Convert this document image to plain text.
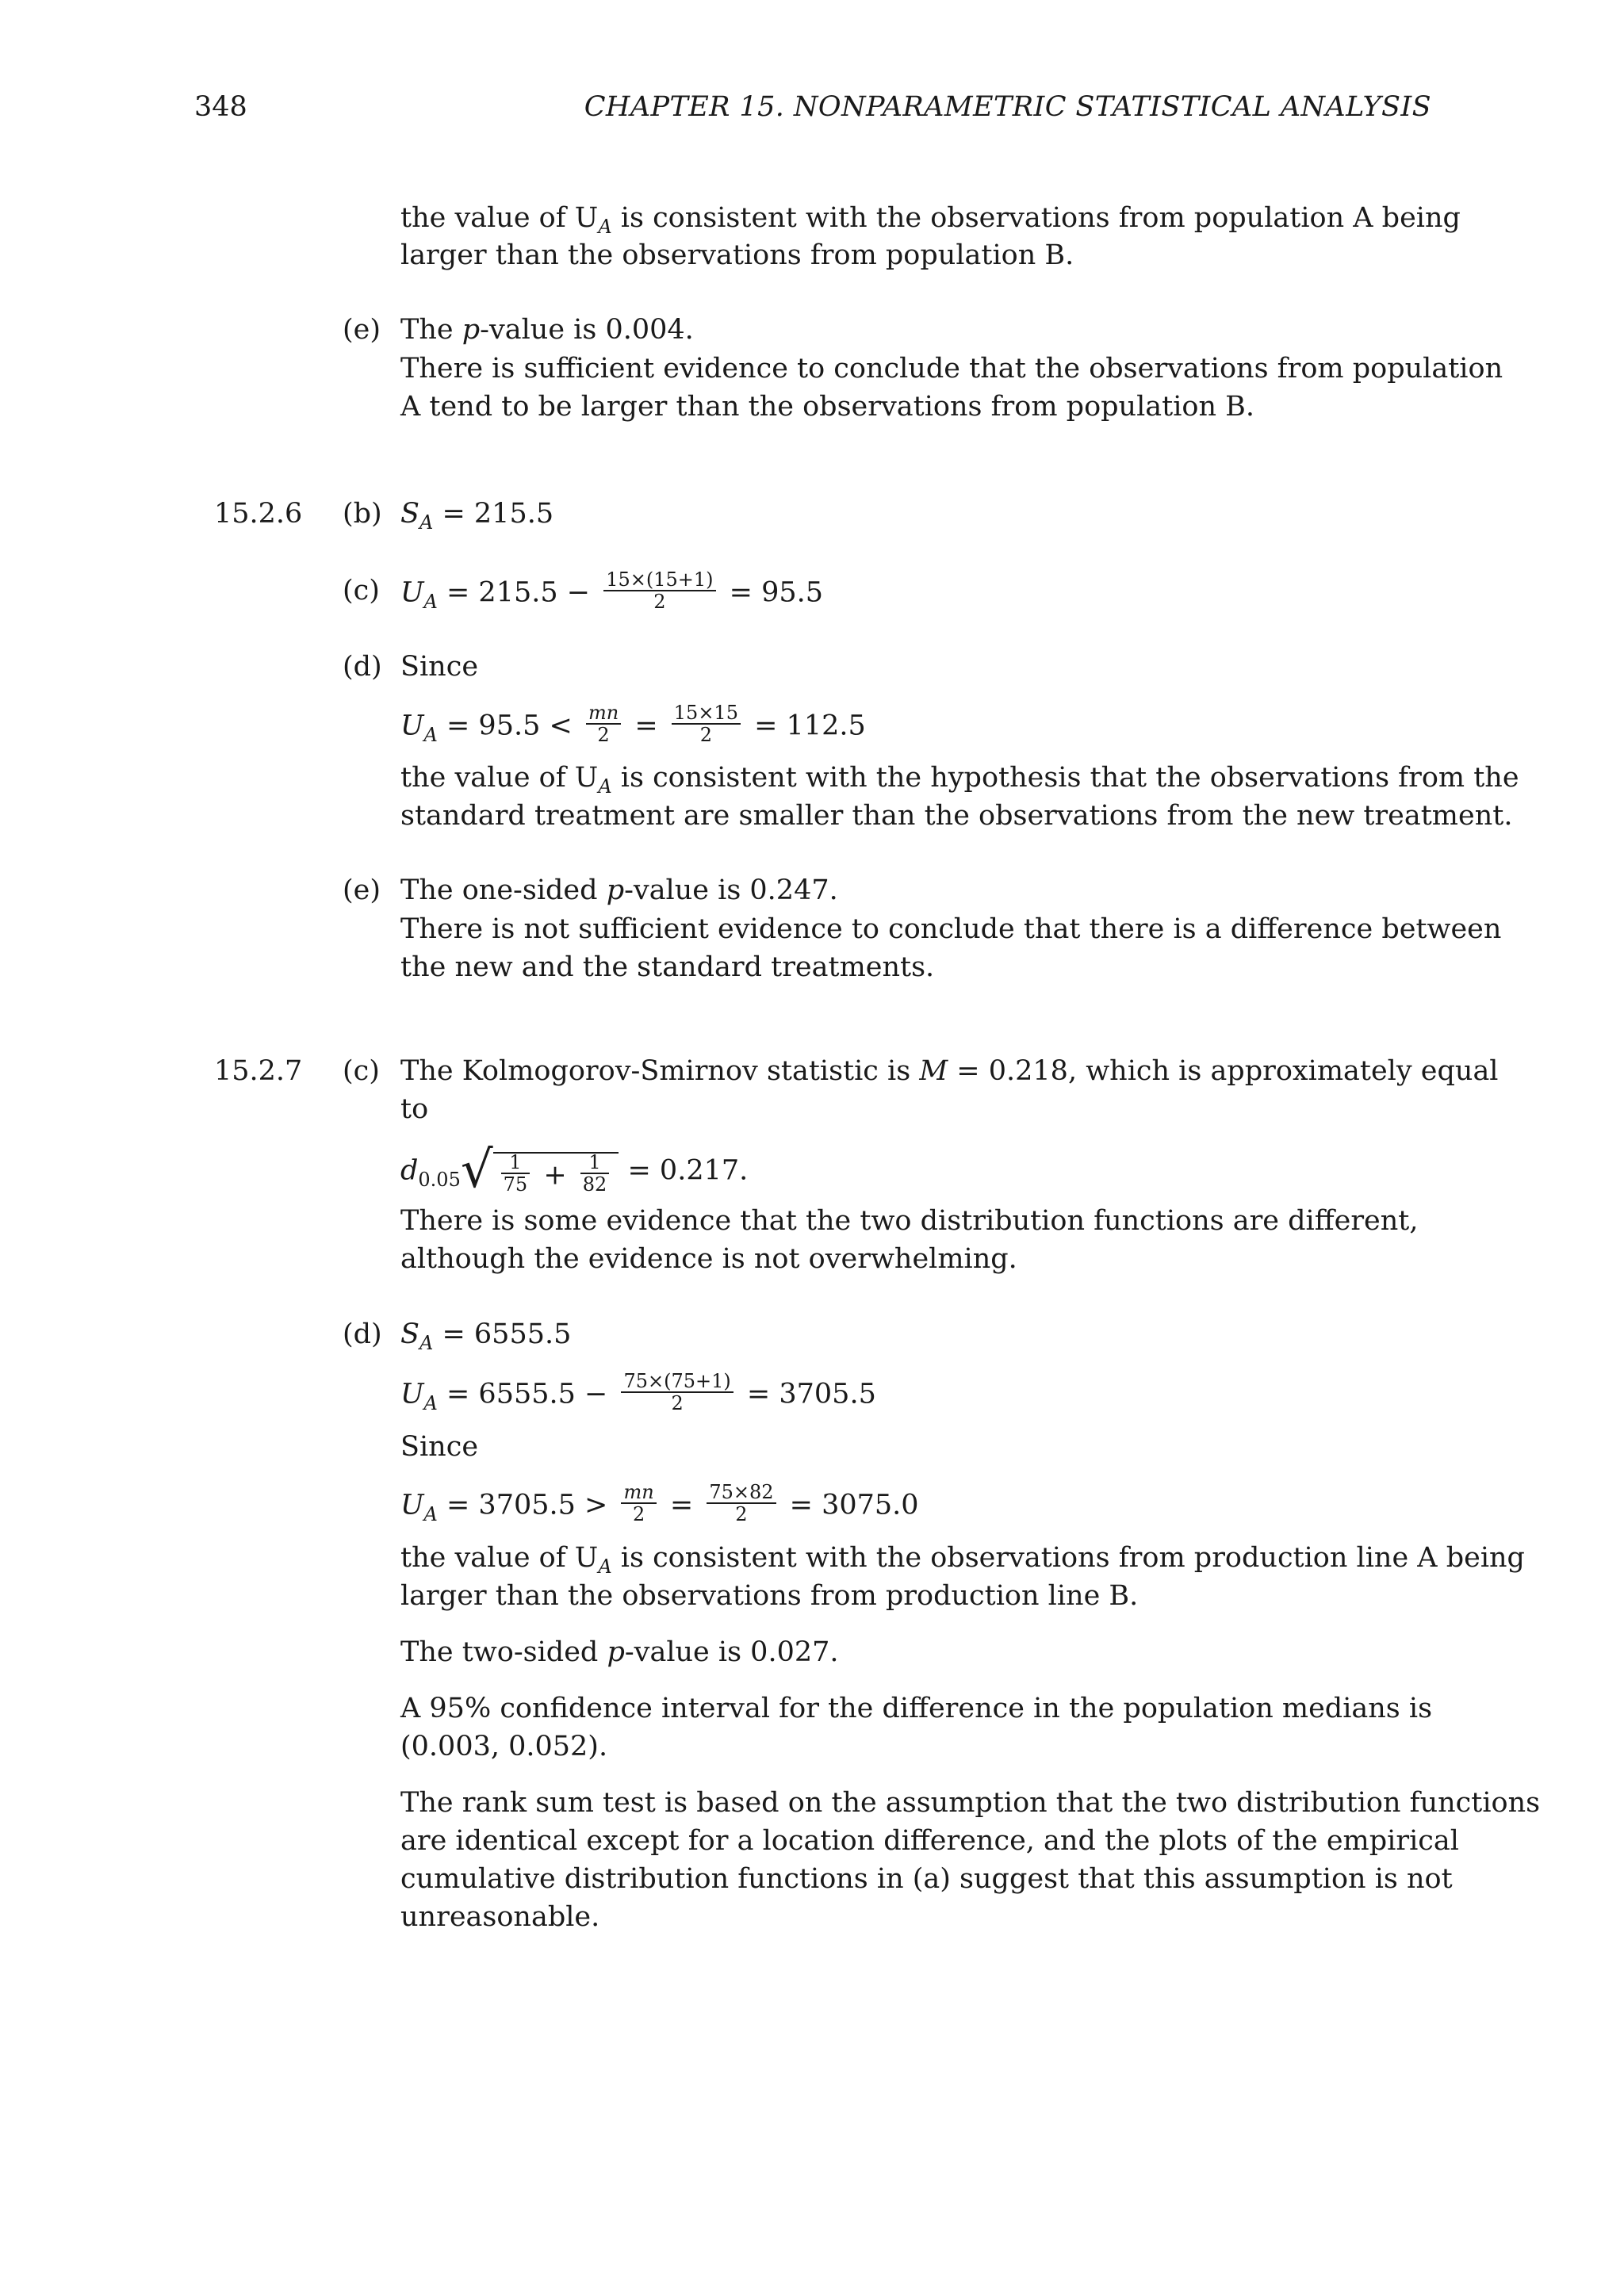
348	CHAPTER 15. NONPARAMETRIC STATISTICAL ANALYSIS
the value of $U_A$ is consistent with the observations from population A being
larger than the observations from population B.
(e) The p-value is 0.004.
There is sufficient evidence to conclude that the observations from population
A tend to be larger than the observations from population B.
15.2.6 (b) $S_A = 215.5$
(c) $U_A = 215.5 - \frac{15\times(15+1)}{2} = 95.5$
(d) Since
$U_A = 95.5 < \frac{mn}{2} = \frac{15\times 15}{2} = 112.5$
the value of $U_A$ is consistent with the hypothesis that the observations from the
standard treatment are smaller than the observations from the new treatment.
(e) The one-sided p-value is 0.247.
There is not sufficient evidence to conclude that there is a difference between
the new and the standard treatments.
15.2.7 (c) The Kolmogorov-Smirnov statistic is M = 0.218, which is approximately equal
to
$d_{0.05}√ \frac{1}{75} + \frac{1}{82} = 0.217$.
There is some evidence that the two distribution functions are different,
although the evidence is not overwhelming.
(d) $S_A = 6555.5$
$U_A = 6555.5 - \frac{75\times(75+1)}{2} = 3705.5$
Since
$U_A = 3705.5 > \frac{mn}{2} = \frac{75\times 82}{2} = 3075.0$
the value of $U_A$ is consistent with the observations from production line A being
larger than the observations from production line B.
The two-sided p-value is 0.027.
A 95% confidence interval for the difference in the population medians is
(0.003, 0.052).
The rank sum test is based on the assumption that the two distribution functions
are identical except for a location difference, and the plots of the empirical
cumulative distribution functions in (a) suggest that this assumption is not
unreasonable.
